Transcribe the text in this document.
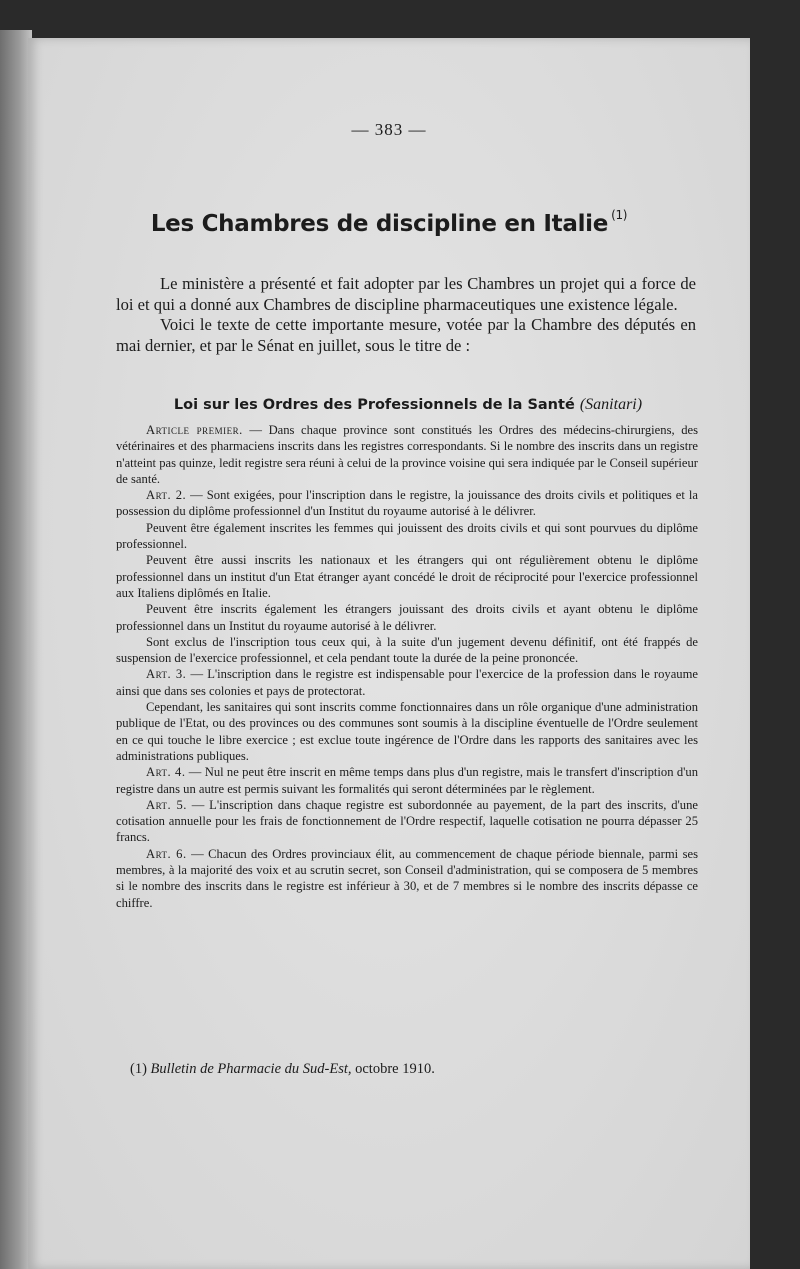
— 383 —
Les Chambres de discipline en Italie $^{(1)}$

Le ministère a présenté et fait adopter par les Chambres un projet qui a force de loi et qui a donné aux Chambres de discipline pharmaceutiques une existence légale.

Voici le texte de cette importante mesure, votée par la Chambre des députés en mai dernier, et par le Sénat en juillet, sous le titre de :

Loi sur les Ordres des Professionnels de la Santé (Sanitari)

Article premier. — Dans chaque province sont constitués les Ordres des médecins-chirurgiens, des vétérinaires et des pharmaciens inscrits dans les registres correspondants. Si le nombre des inscrits dans un registre n'atteint pas quinze, ledit registre sera réuni à celui de la province voisine qui sera indiquée par le Conseil supérieur de santé.

Art. 2. — Sont exigées, pour l'inscription dans le registre, la jouissance des droits civils et politiques et la possession du diplôme professionnel d'un Institut du royaume autorisé à le délivrer.

Peuvent être également inscrites les femmes qui jouissent des droits civils et qui sont pourvues du diplôme professionnel.

Peuvent être aussi inscrits les nationaux et les étrangers qui ont régulièrement obtenu le diplôme professionnel dans un institut d'un Etat étranger ayant concédé le droit de réciprocité pour l'exercice professionnel aux Italiens diplômés en Italie.

Peuvent être inscrits également les étrangers jouissant des droits civils et ayant obtenu le diplôme professionnel dans un Institut du royaume autorisé à le délivrer.

Sont exclus de l'inscription tous ceux qui, à la suite d'un jugement devenu définitif, ont été frappés de suspension de l'exercice professionnel, et cela pendant toute la durée de la peine prononcée.

Art. 3. — L'inscription dans le registre est indispensable pour l'exercice de la profession dans le royaume ainsi que dans ses colonies et pays de protectorat.

Cependant, les sanitaires qui sont inscrits comme fonctionnaires dans un rôle organique d'une administration publique de l'Etat, ou des provinces ou des communes sont soumis à la discipline éventuelle de l'Ordre seulement en ce qui touche le libre exercice ; est exclue toute ingérence de l'Ordre dans les rapports des sanitaires avec les administrations publiques.

Art. 4. — Nul ne peut être inscrit en même temps dans plus d'un registre, mais le transfert d'inscription d'un registre dans un autre est permis suivant les formalités qui seront déterminées par le règlement.

Art. 5. — L'inscription dans chaque registre est subordonnée au payement, de la part des inscrits, d'une cotisation annuelle pour les frais de fonctionnement de l'Ordre respectif, laquelle cotisation ne pourra dépasser 25 francs.

Art. 6. — Chacun des Ordres provinciaux élit, au commencement de chaque période biennale, parmi ses membres, à la majorité des voix et au scrutin secret, son Conseil d'administration, qui se composera de 5 membres si le nombre des inscrits dans le registre est inférieur à 30, et de 7 membres si le nombre des inscrits dépasse ce chiffre.

(1) Bulletin de Pharmacie du Sud-Est, octobre 1910.
